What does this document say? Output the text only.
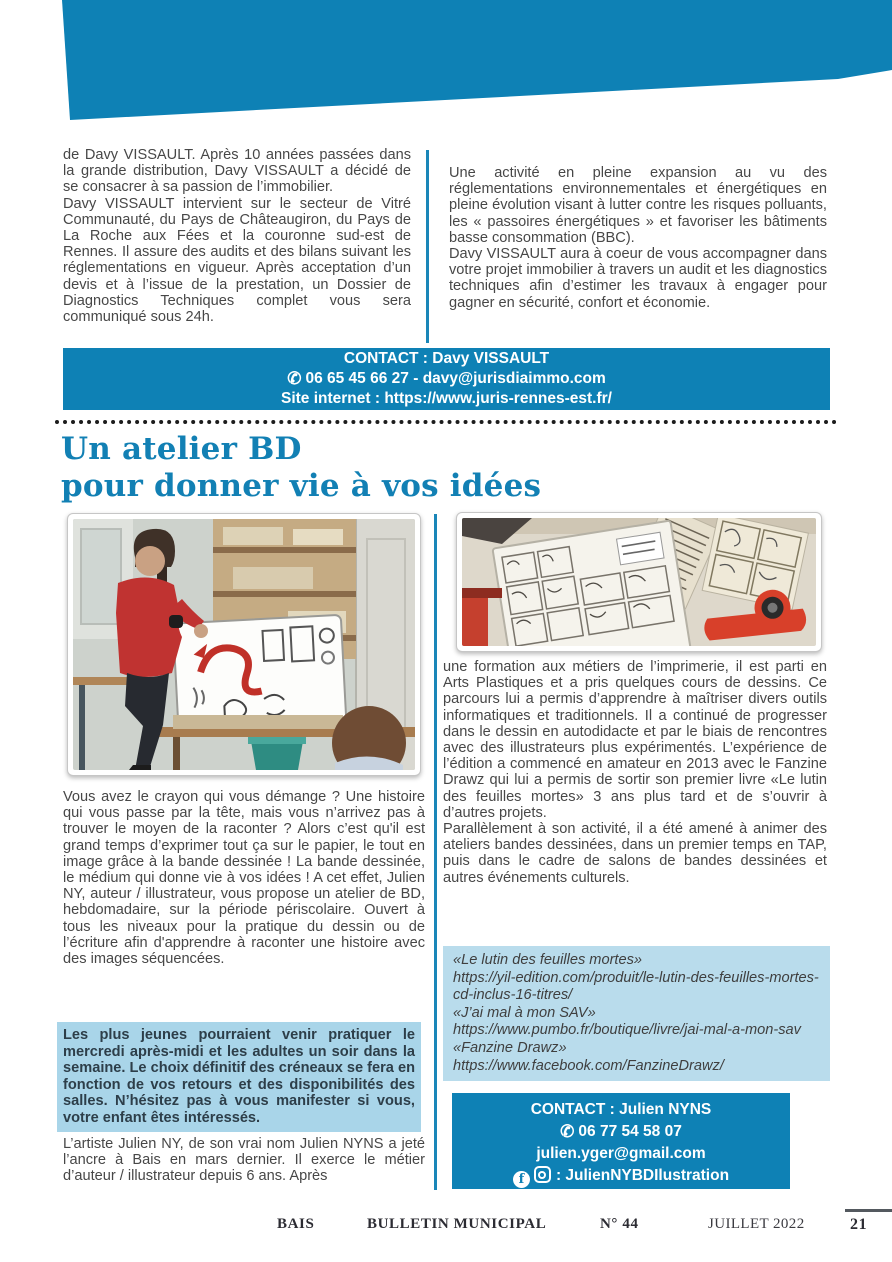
de Davy VISSAULT. Après 10 années passées dans la grande distribution, Davy VISSAULT a décidé de se consacrer à sa passion de l’immobilier.

Davy VISSAULT intervient sur le secteur de Vitré Communauté, du Pays de Châteaugiron, du Pays de La Roche aux Fées et la couronne sud-est de Rennes. Il assure des audits et des bilans suivant les réglementations en vigueur. Après acceptation d’un devis et à l’issue de la prestation, un Dossier de Diagnostics Techniques complet vous sera communiqué sous 24h.

Une activité en pleine expansion au vu des réglementations environnementales et énergétiques en pleine évolution visant à lutter contre les risques polluants, les « passoires énergétiques » et favoriser les bâtiments basse consommation (BBC).

Davy VISSAULT aura à coeur de vous accompagner dans votre projet immobilier à travers un audit et les diagnostics techniques afin d’estimer les travaux à engager pour gagner en sécurité, confort et économie.

CONTACT : Davy VISSAULT
✆ 06 65 45 66 27 - davy@jurisdiaimmo.com
Site internet : https://www.juris-rennes-est.fr/
Un atelier BD
pour donner vie à vos idées

Vous avez le crayon qui vous démange ? Une histoire qui vous passe par la tête, mais vous n’arrivez pas à trouver le moyen de la raconter ? Alors c’est qu'il est grand temps d’exprimer tout ça sur le papier, le tout en image grâce à la bande dessinée ! La bande dessinée, le médium qui donne vie à vos idées ! A cet effet, Julien NY, auteur / illustrateur, vous propose un atelier de BD, hebdomadaire, sur la période périscolaire. Ouvert à tous les niveaux pour la pratique du dessin ou de l’écriture afin d'apprendre à raconter une histoire avec des images séquencées.

Les plus jeunes pourraient venir pratiquer le mercredi après-midi et les adultes un soir dans la semaine. Le choix définitif des créneaux se fera en fonction de vos retours et des disponibilités des salles. N’hésitez pas à vous manifester si vous, votre enfant êtes intéressés.

L’artiste Julien NY, de son vrai nom Julien NYNS a jeté l’ancre à Bais en mars dernier. Il exerce le métier d’auteur / illustrateur depuis 6 ans. Après

une formation aux métiers de l’imprimerie, il est parti en Arts Plastiques et a pris quelques cours de dessins. Ce parcours lui a permis d’apprendre à maîtriser divers outils informatiques et traditionnels. Il a continué de progresser dans le dessin en autodidacte et par le biais de rencontres avec des illustrateurs plus expérimentés. L’expérience de l’édition a commencé en amateur en 2013 avec le Fanzine Drawz qui lui a permis de sortir son premier livre «Le lutin des feuilles mortes» 3 ans plus tard et de s’ouvrir à d’autres projets.

Parallèlement à son activité, il a été amené à animer des ateliers bandes dessinées, dans un premier temps en TAP, puis dans le cadre de salons de bandes dessinées et autres événements culturels.

«Le lutin des feuilles mortes»
https://yil-edition.com/produit/le-lutin-des-feuilles-mortes-cd-inclus-16-titres/
«J’ai mal à mon SAV»
https://www.pumbo.fr/boutique/livre/jai-mal-a-mon-sav
«Fanzine Drawz»
https://www.facebook.com/FanzineDrawz/
CONTACT : Julien NYNS
✆ 06 77 54 58 07
julien.yger@gmail.com
f : JulienNYBDIlustration
BAIS	BULLETIN MUNICIPAL	N° 44	JUILLET 2022	21
